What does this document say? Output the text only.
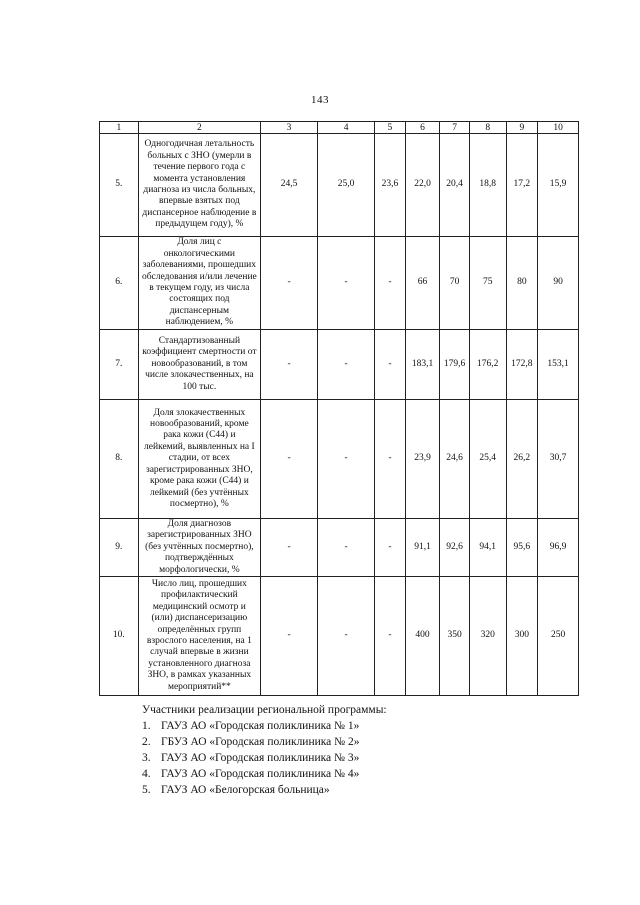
143
1	2	3	4	5	6	7	8	9	10
5.	Одногодичная летальность больных с ЗНО (умерли в течение первого года с момента установления диагноза из числа больных, впервые взятых под диспансерное наблюдение в предыдущем году), %	24,5	25,0	23,6	22,0	20,4	18,8	17,2	15,9
6.	Доля лиц с онкологическими заболеваниями, прошедших обследования и/или лечение в текущем году, из числа состоящих под диспансерным наблюдением, %	-	-	-	66	70	75	80	90
7.	Стандартизованный коэффициент смертности от новообразований, в том числе злокачественных, на 100 тыс.	-	-	-	183,1	179,6	176,2	172,8	153,1
8.	Доля злокачественных новообразований, кроме рака кожи (С44) и лейкемий, выявленных на I стадии, от всех зарегистрированных ЗНО, кроме рака кожи (С44) и лейкемий (без учтённых посмертно), %	-	-	-	23,9	24,6	25,4	26,2	30,7
9.	Доля диагнозов зарегистрированных ЗНО (без учтённых посмертно), подтверждённых морфологически, %	-	-	-	91,1	92,6	94,1	95,6	96,9
10.	Число лиц, прошедших профилактический медицинский осмотр и (или) диспансеризацию определённых групп взрослого населения, на 1 случай впервые в жизни установленного диагноза ЗНО, в рамках указанных мероприятий**	-	-	-	400	350	320	300	250
Участники реализации региональной программы:
1. ГАУЗ АО «Городская поликлиника № 1»
2. ГБУЗ АО «Городская поликлиника № 2»
3. ГАУЗ АО «Городская поликлиника № 3»
4. ГАУЗ АО «Городская поликлиника № 4»
5. ГАУЗ АО «Белогорская больница»
